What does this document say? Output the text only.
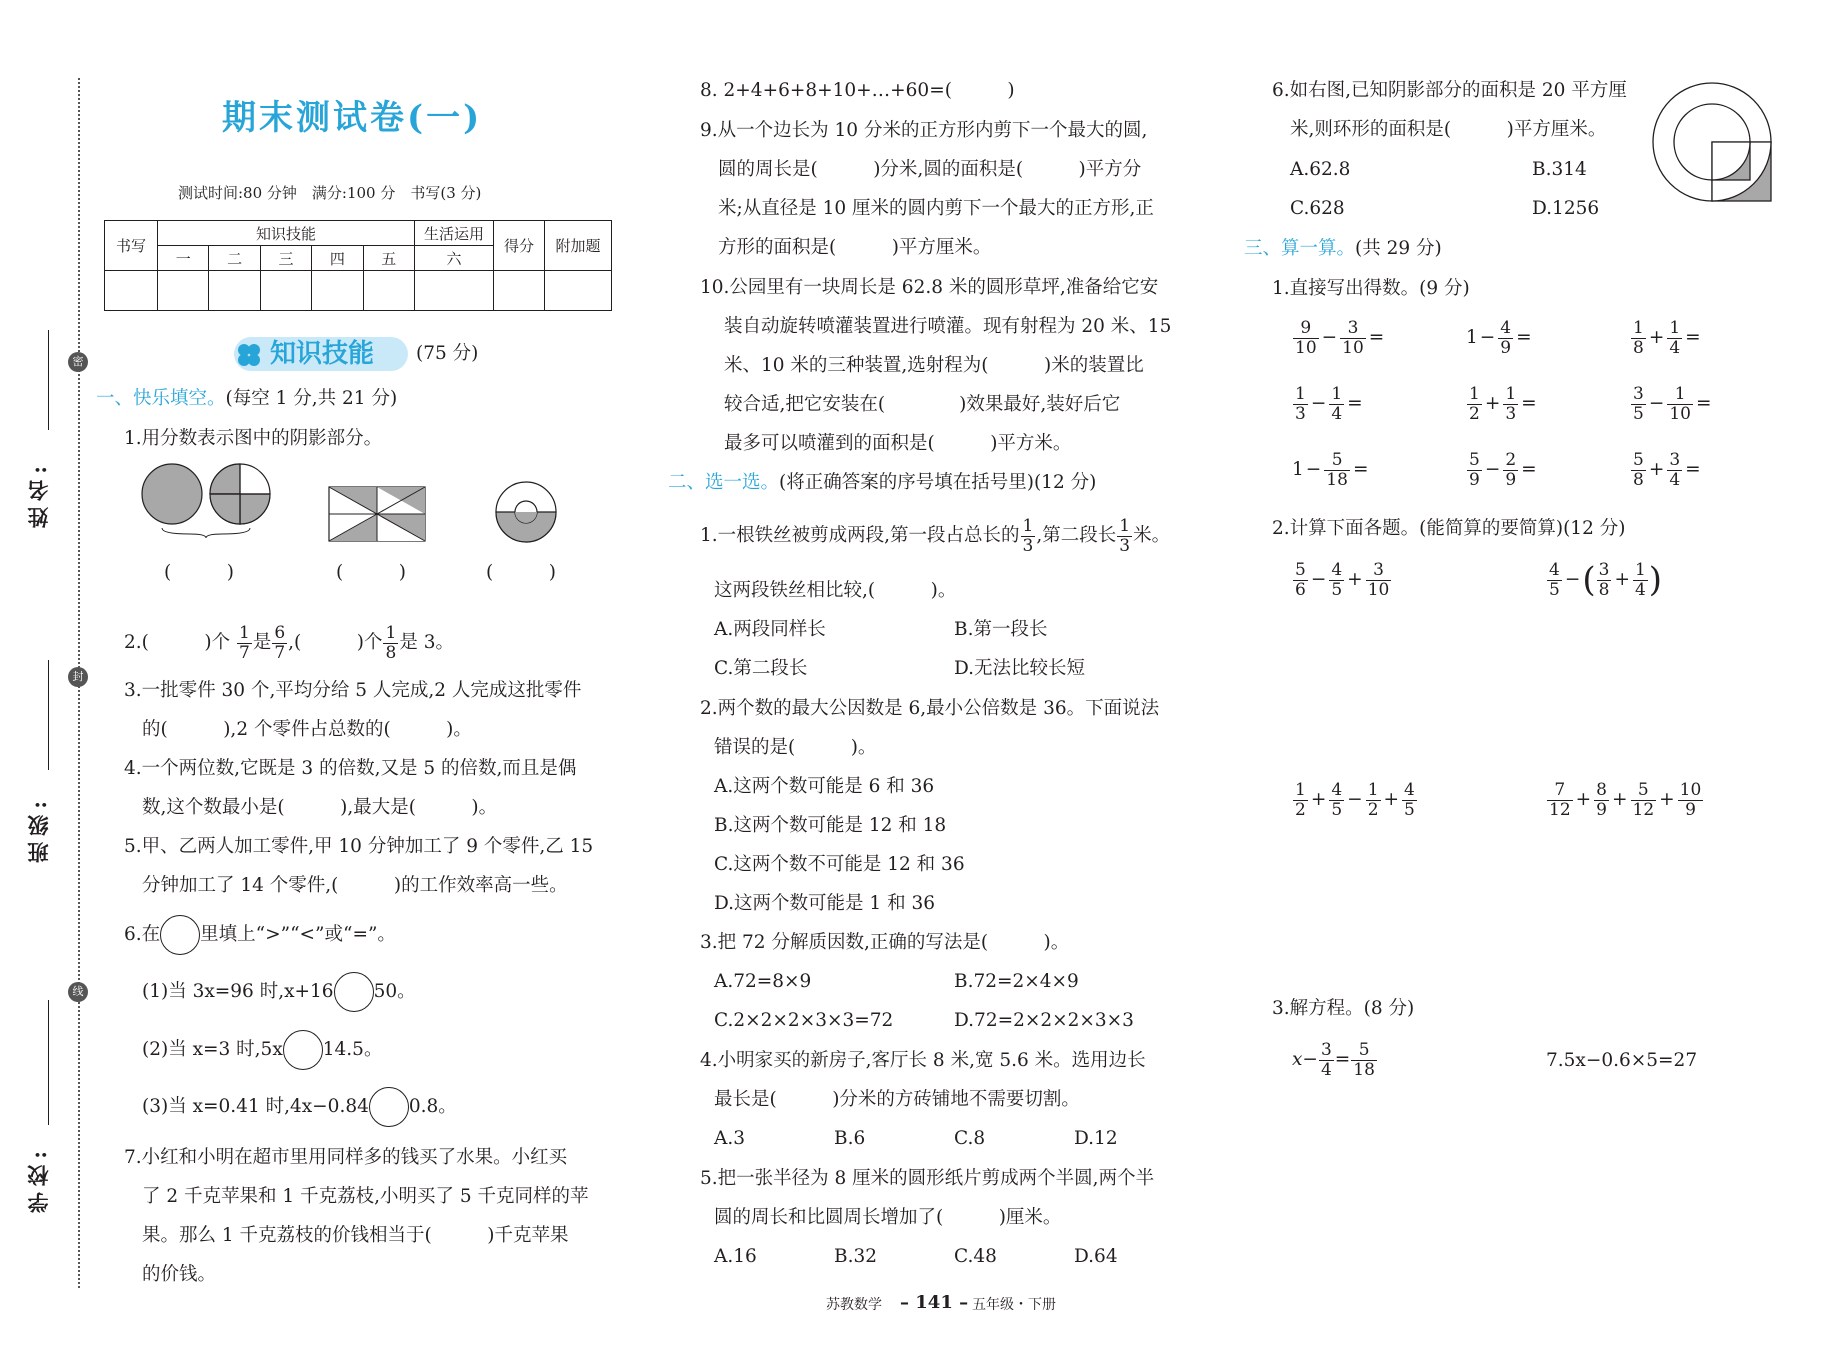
姓名:
班级:
学校:
密
封
线
期末测试卷(一)
测试时间:80 分钟　满分:100 分　书写(3 分)
书写	知识技能					生活运用	得分	附加题
	一	二	三	四	五	六		

知识技能 (75 分)
一、快乐填空。(每空 1 分,共 21 分)
1.用分数表示图中的阴影部分。
(　　　)	(　　　)	(　　　)
2.(　　　)个 $\frac{1}{7}$ 是 $\frac{6}{7}$ ,(　　　)个 $\frac{1}{8}$ 是 3。
3.一批零件 30 个,平均分给 5 人完成,2 人完成这批零件
的(　　　),2 个零件占总数的(　　　)。
4.一个两位数,它既是 3 的倍数,又是 5 的倍数,而且是偶
数,这个数最小是(　　　),最大是(　　　)。
5.甲、乙两人加工零件,甲 10 分钟加工了 9 个零件,乙 15
分钟加工了 14 个零件,(　　　)的工作效率高一些。
6.在 里填上“>”“<”或“=”。
(1)当 3x=96 时,x+16 50。
(2)当 x=3 时,5x 14.5。
(3)当 x=0.41 时,4x−0.84 0.8。
7.小红和小明在超市里用同样多的钱买了水果。小红买
了 2 千克苹果和 1 千克荔枝,小明买了 5 千克同样的苹
果。那么 1 千克荔枝的价钱相当于(　　　)千克苹果
的价钱。
8. 2+4+6+8+10+…+60=(　　　)
9.从一个边长为 10 分米的正方形内剪下一个最大的圆,
圆的周长是(　　　)分米,圆的面积是(　　　)平方分
米;从直径是 10 厘米的圆内剪下一个最大的正方形,正
方形的面积是(　　　)平方厘米。
10.公园里有一块周长是 62.8 米的圆形草坪,准备给它安
装自动旋转喷灌装置进行喷灌。现有射程为 20 米、15
米、10 米的三种装置,选射程为(　　　)米的装置比
较合适,把它安装在(　　　　)效果最好,装好后它
最多可以喷灌到的面积是(　　　)平方米。
二、选一选。(将正确答案的序号填在括号里)(12 分)
1.一根铁丝被剪成两段,第一段占总长的 $\frac{1}{3}$ ,第二段长 $\frac{1}{3}$ 米。
这两段铁丝相比较,(　　　)。
A.两段同样长	B.第一段长
C.第二段长	D.无法比较长短
2.两个数的最大公因数是 6,最小公倍数是 36。下面说法
错误的是(　　　)。
A.这两个数可能是 6 和 36
B.这两个数可能是 12 和 18
C.这两个数不可能是 12 和 36
D.这两个数可能是 1 和 36
3.把 72 分解质因数,正确的写法是(　　　)。
A.72=8×9	B.72=2×4×9
C.2×2×2×3×3=72	D.72=2×2×2×3×3
4.小明家买的新房子,客厅长 8 米,宽 5.6 米。选用边长
最长是(　　　)分米的方砖铺地不需要切割。
A.3	B.6	C.8	D.12
5.把一张半径为 8 厘米的圆形纸片剪成两个半圆,两个半
圆的周长和比圆周长增加了(　　　)厘米。
A.16	B.32	C.48	D.64
苏教数学 – 141 – 五年级・下册
6.如右图,已知阴影部分的面积是 20 平方厘
米,则环形的面积是(　　　)平方厘米。
A.62.8	B.314
C.628	D.1256
三、算一算。(共 29 分)
1.直接写出得数。(9 分)
$\frac{9}{10} - \frac{3}{10}$ =	$1 - \frac{4}{9}$ =	$\frac{1}{8} + \frac{1}{4}$ =
$\frac{1}{3} - \frac{1}{4}$ =	$\frac{1}{2} + \frac{1}{3}$ =	$\frac{3}{5} - \frac{1}{10}$ =
$1 - \frac{5}{18}$ =	$\frac{5}{9} - \frac{2}{9}$ =	$\frac{5}{8} + \frac{3}{4}$ =
2.计算下面各题。(能简算的要简算)(12 分)
$\frac{5}{6} - \frac{4}{5} + \frac{3}{10}$	$\frac{4}{5}$ −( $\frac{3}{8} + \frac{1}{4}$ )
$\frac{1}{2} + \frac{4}{5} - \frac{1}{2} + \frac{4}{5}$	$\frac{7}{12} + \frac{8}{9} + \frac{5}{12} + \frac{10}{9}$
3.解方程。(8 分)
$x- \frac{3}{4} = \frac{5}{18}$	7.5x−0.6×5=27
